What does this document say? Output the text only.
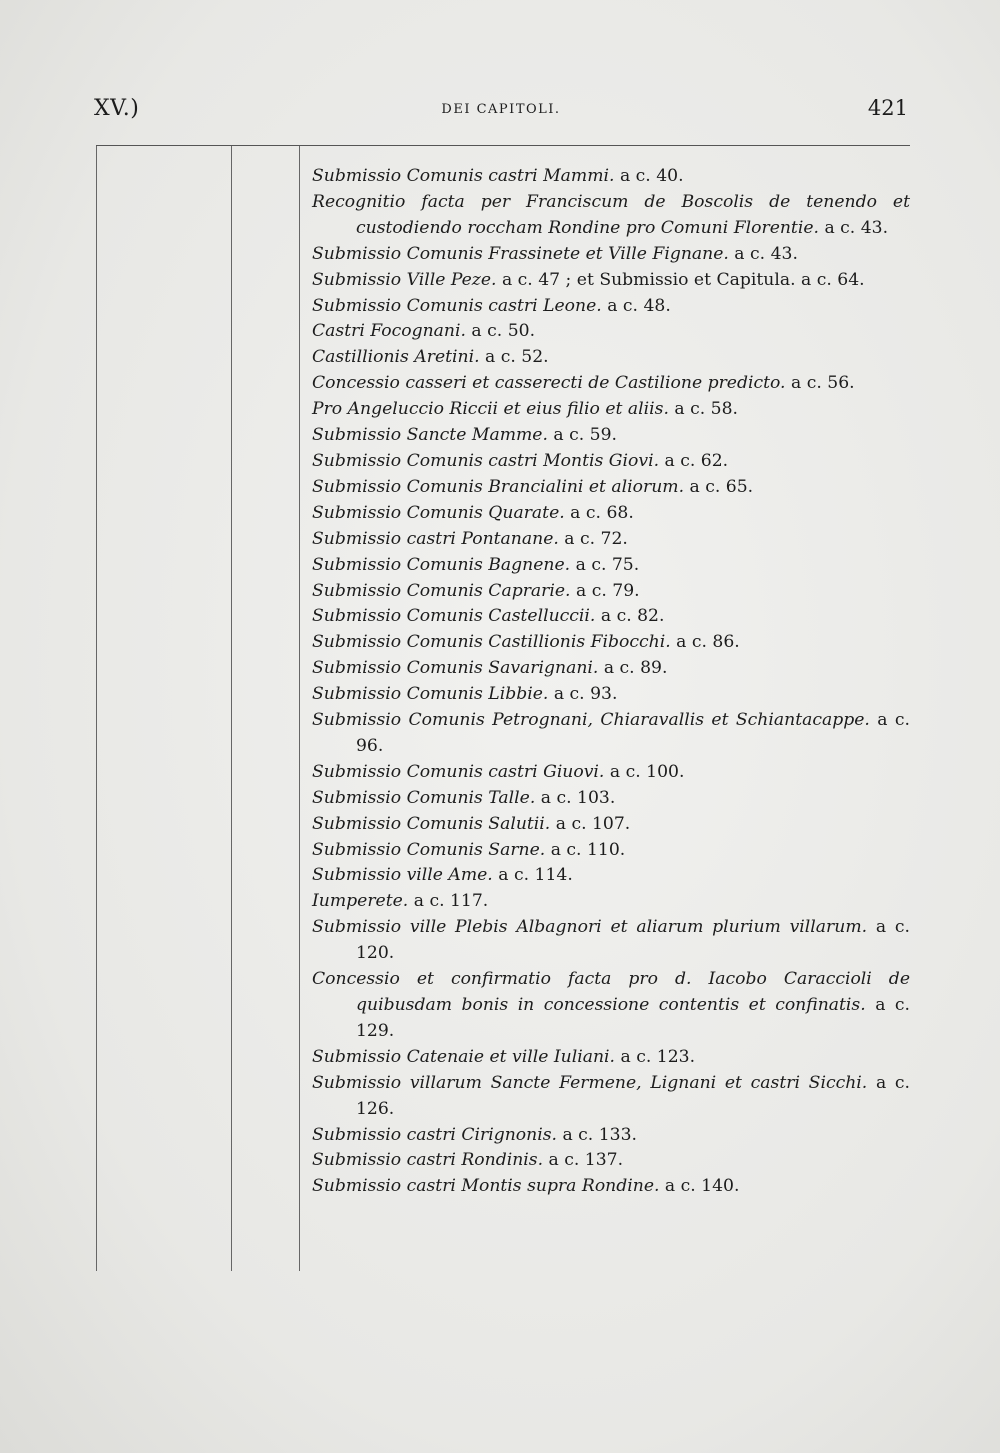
XV.)	DEI CAPITOLI.	421

Submissio Comunis castri Mammi. a c. 40.

Recognitio facta per Franciscum de Boscolis de tenendo et custodiendo roccham Rondine pro Comuni Florentie. a c. 43.

Submissio Comunis Frassinete et Ville Fignane. a c. 43.

Submissio Ville Peze. a c. 47 ; et Submissio et Capitula. a c. 64.

Submissio Comunis castri Leone. a c. 48.

Castri Focognani. a c. 50.

Castillionis Aretini. a c. 52.

Concessio casseri et casserecti de Castilione predicto. a c. 56.

Pro Angeluccio Riccii et eius filio et aliis. a c. 58.

Submissio Sancte Mamme. a c. 59.

Submissio Comunis castri Montis Giovi. a c. 62.

Submissio Comunis Brancialini et aliorum. a c. 65.

Submissio Comunis Quarate. a c. 68.

Submissio castri Pontanane. a c. 72.

Submissio Comunis Bagnene. a c. 75.

Submissio Comunis Caprarie. a c. 79.

Submissio Comunis Castelluccii. a c. 82.

Submissio Comunis Castillionis Fibocchi. a c. 86.

Submissio Comunis Savarignani. a c. 89.

Submissio Comunis Libbie. a c. 93.

Submissio Comunis Petrognani, Chiaravallis et Schiantacappe. a c. 96.

Submissio Comunis castri Giuovi. a c. 100.

Submissio Comunis Talle. a c. 103.

Submissio Comunis Salutii. a c. 107.

Submissio Comunis Sarne. a c. 110.

Submissio ville Ame. a c. 114.

Iumperete. a c. 117.

Submissio ville Plebis Albagnori et aliarum plurium villarum. a c. 120.

Concessio et confirmatio facta pro d. Iacobo Caraccioli de quibusdam bonis in concessione contentis et confinatis. a c. 129.

Submissio Catenaie et ville Iuliani. a c. 123.

Submissio villarum Sancte Fermene, Lignani et castri Sicchi. a c. 126.

Submissio castri Cirignonis. a c. 133.

Submissio castri Rondinis. a c. 137.

Submissio castri Montis supra Rondine. a c. 140.
